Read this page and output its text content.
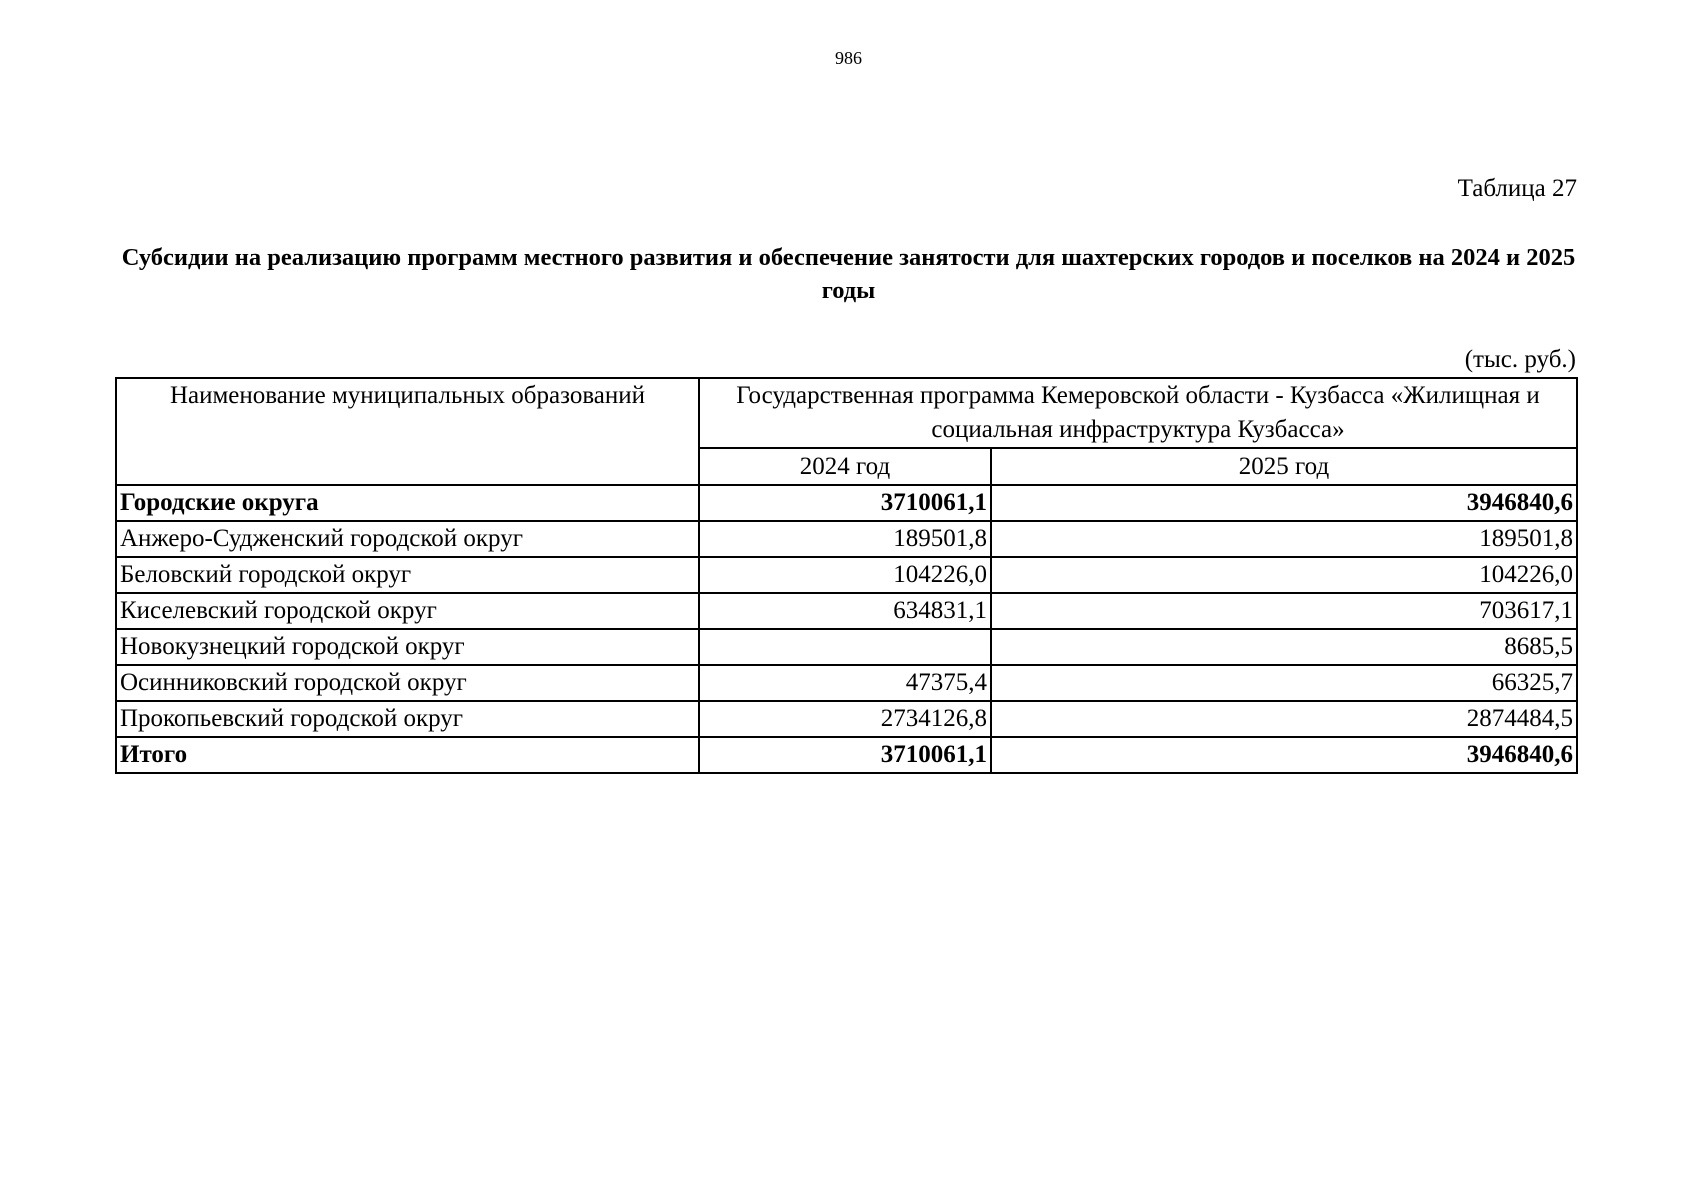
986
Таблица 27
Субсидии на реализацию программ местного развития и обеспечение занятости для шахтерских городов и поселков на 2024 и 2025 годы
(тыс. руб.)
Наименование муниципальных образований	Государственная программа Кемеровской области - Кузбасса «Жилищная и социальная инфраструктура Кузбасса»	
	2024 год	2025 год
Городские округа	3710061,1	3946840,6
Анжеро-Судженский городской округ	189501,8	189501,8
Беловский городской округ	104226,0	104226,0
Киселевский городской округ	634831,1	703617,1
Новокузнецкий городской округ		8685,5
Осинниковский городской округ	47375,4	66325,7
Прокопьевский городской округ	2734126,8	2874484,5
Итого	3710061,1	3946840,6
